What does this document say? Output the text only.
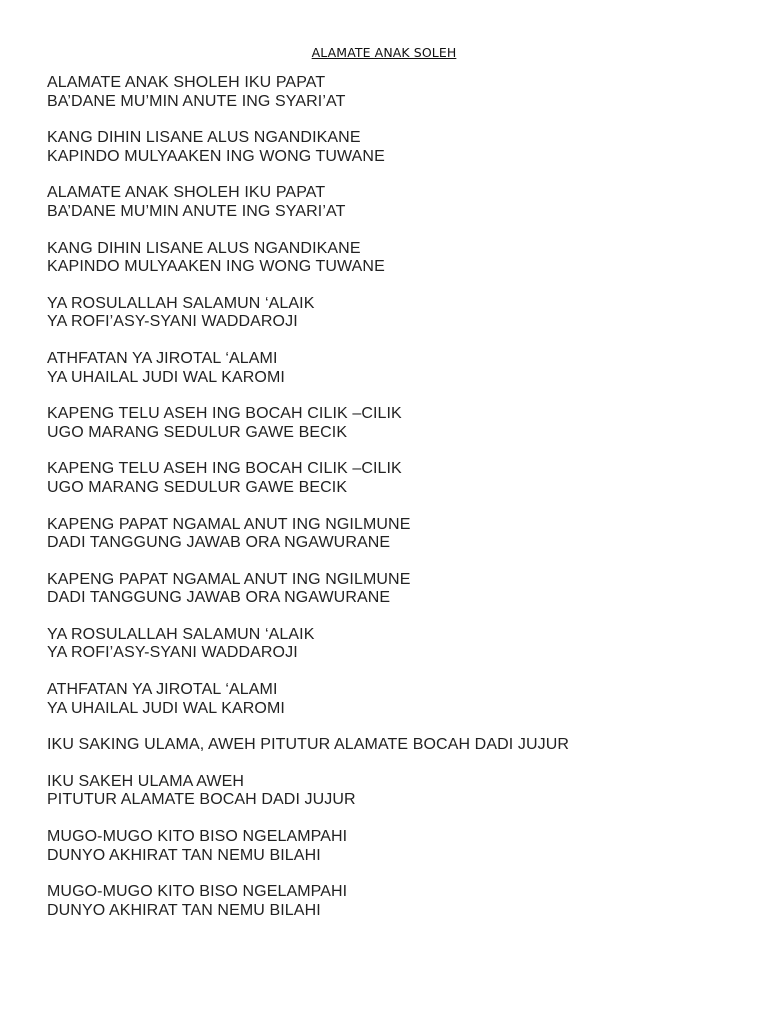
ALAMATE ANAK SOLEH
ALAMATE ANAK SHOLEH IKU PAPAT
BA’DANE MU’MIN ANUTE ING SYARI’AT
KANG DIHIN LISANE ALUS NGANDIKANE
KAPINDO MULYAAKEN ING WONG TUWANE
ALAMATE ANAK SHOLEH IKU PAPAT
BA’DANE MU’MIN ANUTE ING SYARI’AT
KANG DIHIN LISANE ALUS NGANDIKANE
KAPINDO MULYAAKEN ING WONG TUWANE
YA ROSULALLAH SALAMUN ‘ALAIK
YA ROFI’ASY-SYANI WADDAROJI
ATHFATAN YA JIROTAL ‘ALAMI
YA UHAILAL JUDI WAL KAROMI
KAPENG TELU ASEH ING BOCAH CILIK –CILIK
UGO MARANG SEDULUR GAWE BECIK
KAPENG TELU ASEH ING BOCAH CILIK –CILIK
UGO MARANG SEDULUR GAWE BECIK
KAPENG PAPAT NGAMAL ANUT ING NGILMUNE
DADI TANGGUNG JAWAB ORA NGAWURANE
KAPENG PAPAT NGAMAL ANUT ING NGILMUNE
DADI TANGGUNG JAWAB ORA NGAWURANE
YA ROSULALLAH SALAMUN ‘ALAIK
YA ROFI’ASY-SYANI WADDAROJI
ATHFATAN YA JIROTAL ‘ALAMI
YA UHAILAL JUDI WAL KAROMI
IKU SAKING ULAMA, AWEH PITUTUR ALAMATE BOCAH DADI JUJUR
IKU SAKEH ULAMA AWEH
PITUTUR ALAMATE BOCAH DADI JUJUR
MUGO-MUGO KITO BISO NGELAMPAHI
DUNYO AKHIRAT TAN NEMU BILAHI
MUGO-MUGO KITO BISO NGELAMPAHI
DUNYO AKHIRAT TAN NEMU BILAHI
